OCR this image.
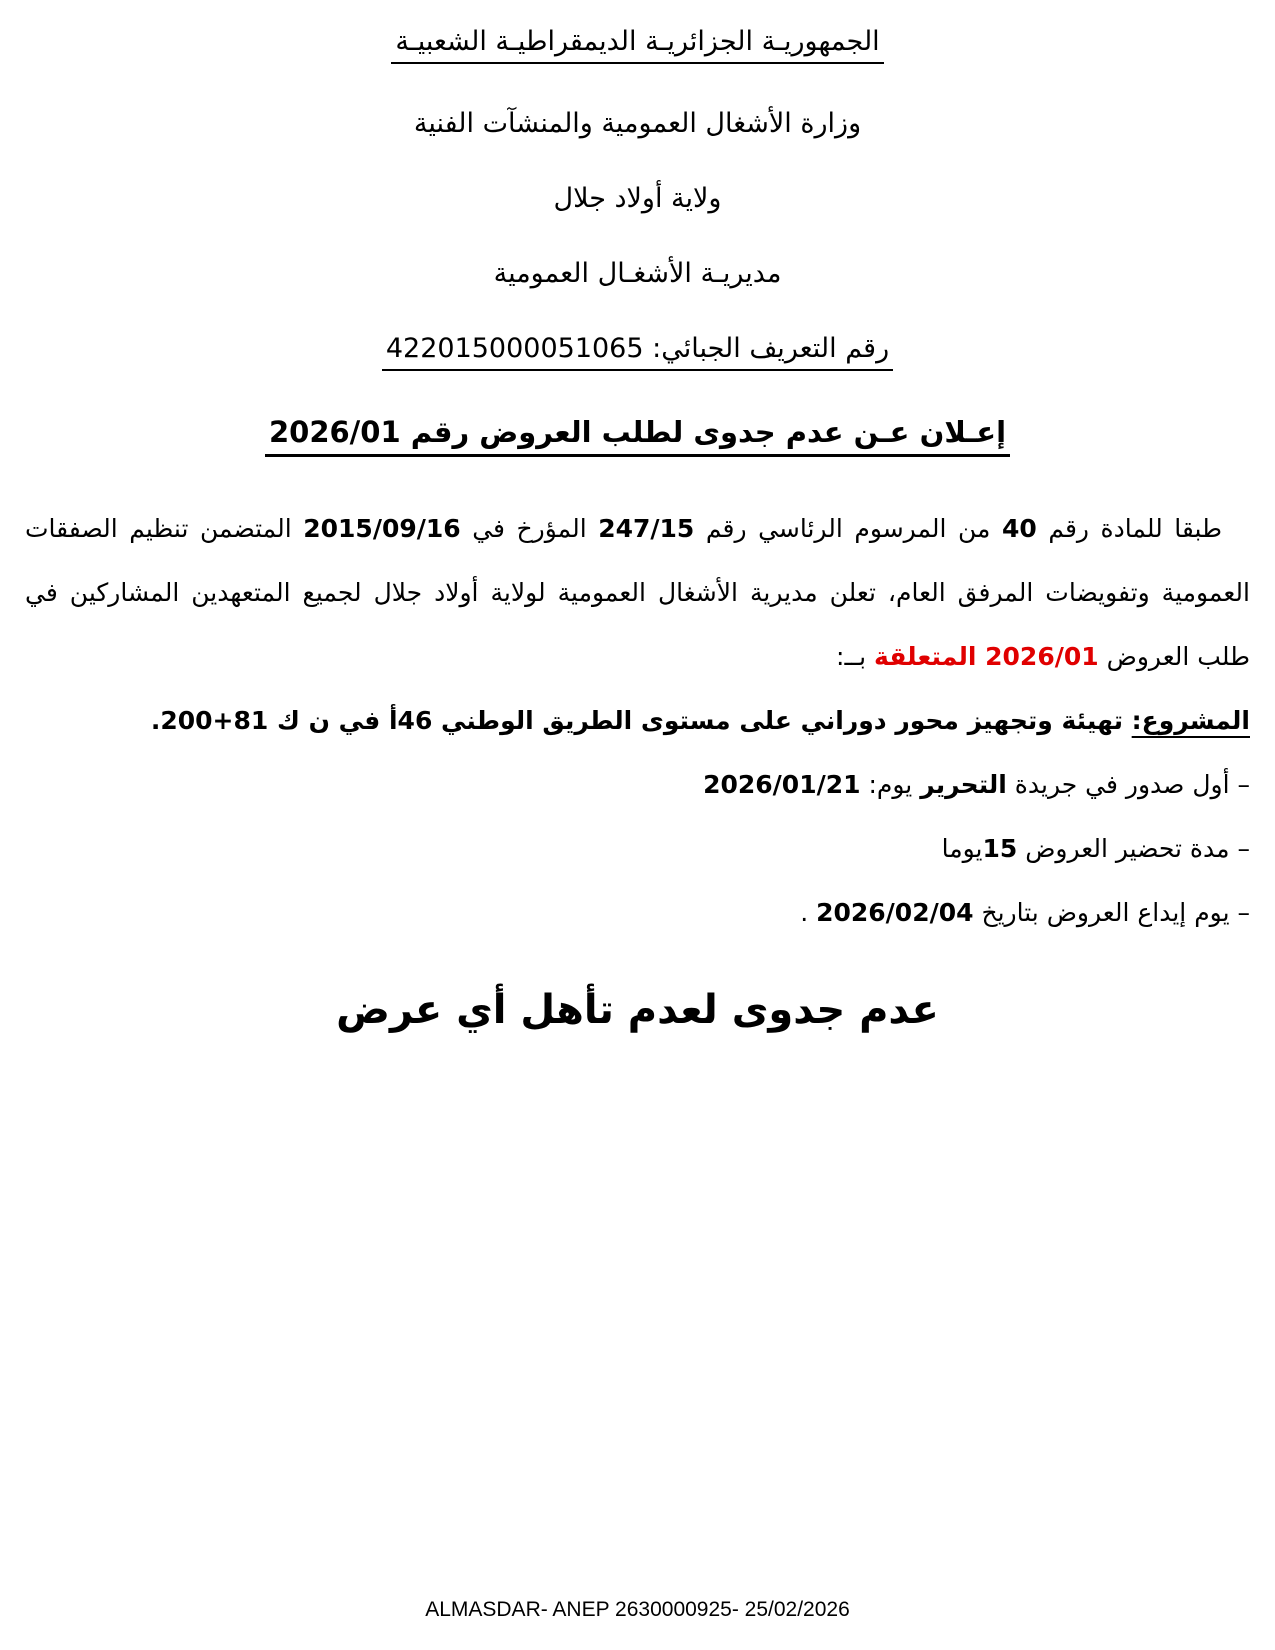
الجمهوريـة الجزائريـة الديمقراطيـة الشعبيـة
وزارة الأشغال العمومية والمنشآت الفنية
ولاية أولاد جلال
مديريـة الأشغـال العمومية
رقم التعريف الجبائي: 422015000051065
إعـلان عـن عدم جدوى لطلب العروض رقم 2026/01

طبقا للمادة رقم 40 من المرسوم الرئاسي رقم 247/15 المؤرخ في 2015/09/16 المتضمن تنظيم الصفقات العمومية وتفويضات المرفق العام، تعلن مديرية الأشغال العمومية لولاية أولاد جلال لجميع المتعهدين المشاركين في طلب العروض 2026/01 المتعلقة بــ:

المشروع: تهيئة وتجهيز محور دوراني على مستوى الطريق الوطني 46أ في ن ك 81+200.

– أول صدور في جريدة التحرير يوم: 2026/01/21

– مدة تحضير العروض 15يوما

– يوم إيداع العروض بتاريخ 2026/02/04 .

عدم جدوى لعدم تأهل أي عرض
ALMASDAR- ANEP 2630000925- 25/02/2026
